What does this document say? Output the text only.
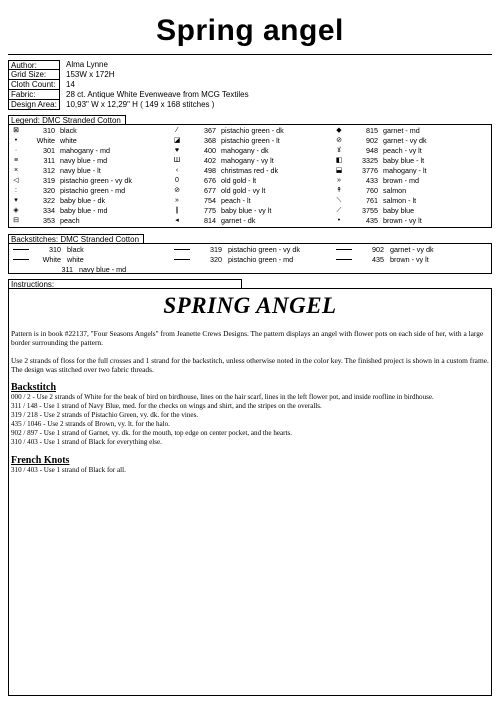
Spring angel
Author:	Alma Lynne
Grid Size:	153W x 172H
Cloth Count:	14
Fabric:	28 ct. Antique White Evenweave from MCG Textiles
Design Area:	10,93" W x 12,29" H ( 149 x 168 stitches )
Legend: DMC Stranded Cotton
⊠	310 black
•	White white
·	301 mahogany - md
≡	311 navy blue - md
×	312 navy blue - lt
◁	319 pistachio green - vy dk
:	320 pistachio green - md
▾	322 baby blue - dk
◈	334 baby blue - md
⊟	353 peach
⁄	367 pistachio green - dk
◪	368 pistachio green - lt
♥	400 mahogany - dk
Ш	402 mahogany - vy lt
‹	498 christmas red - dk
0	676 old gold - lt
⊘	677 old gold - vy lt
»	754 peach - lt
∥	775 baby blue - vy lt
◂	814 garnet - dk
◆	815 garnet - md
⊘	902 garnet - vy dk
ꙋ	948 peach - vy lt
◧	3325 baby blue - lt
⬓	3776 mahogany - lt
»	433 brown - md
↟	760 salmon
⟍	761 salmon - lt
⟋	3755 baby blue
•	435 brown - vy lt
Backstitches: DMC Stranded Cotton
310 black
White white
311 navy blue - md
319 pistachio green - vy dk
320 pistachio green - md
902 garnet - vy dk
435 brown - vy lt
Instructions:
SPRING ANGEL
Pattern is in book #22137, "Four Seasons Angels" from Jeanette Crews Designs. The pattern displays an angel with flower pots on each side of her, with a large border surrounding the pattern.
Use 2 strands of floss for the full crosses and 1 strand for the backstitch, unless otherwise noted in the color key. The finished project is shown in a custom frame. The design was stitched over two fabric threads.
Backstitch
000 / 2 - Use 2 strands of White for the beak of bird on birdhouse, lines on the hair scarf, lines in the left flower pot, and inside roofline in birdhouse.
311 / 148 - Use 1 strand of Navy Blue, med. for the checks on wings and shirt, and the stripes on the overalls.
319 / 218 - Use 2 strands of Pistachio Green, vy. dk. for the vines.
435 / 1046 - Use 2 strands of Brown, vy. lt. for the halo.
902 / 897 - Use 1 strand of Garnet, vy. dk. for the mouth, top edge on center pocket, and the hearts.
310 / 403 - Use 1 strand of Black for everything else.
French Knots
310 / 403 - Use 1 strand of Black for all.
